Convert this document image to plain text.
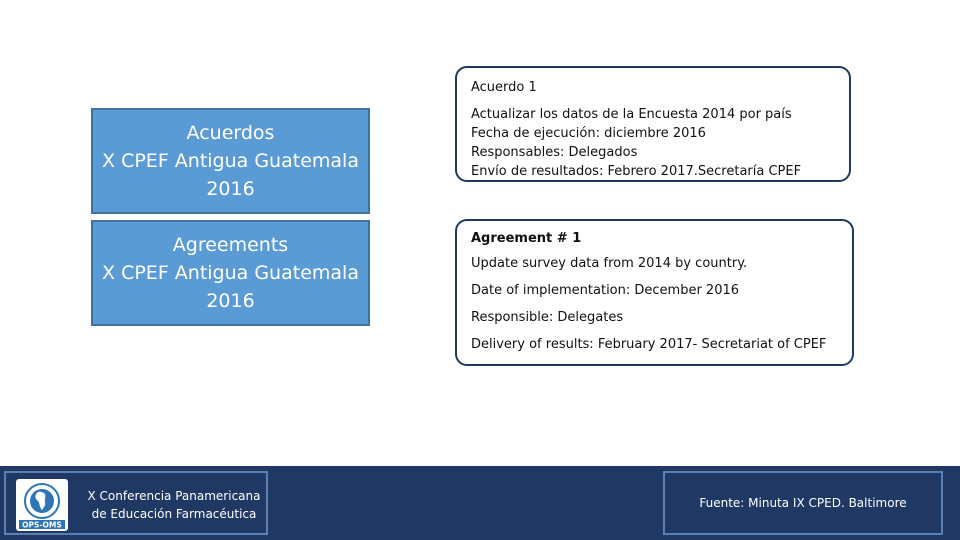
Acuerdos
X CPEF Antigua Guatemala
2016
Agreements
X CPEF Antigua Guatemala
2016
Acuerdo 1
Actualizar los datos de la Encuesta 2014 por país
Fecha de ejecución: diciembre 2016
Responsables: Delegados
Envío de resultados: Febrero 2017.Secretaría CPEF
Agreement # 1
Update survey data from 2014 by country.
Date of implementation: December 2016
Responsible: Delegates
Delivery of results: February 2017- Secretariat of CPEF
OPS-OMS
X Conferencia Panamericana
de Educación Farmacéutica
Fuente: Minuta IX CPED. Baltimore
